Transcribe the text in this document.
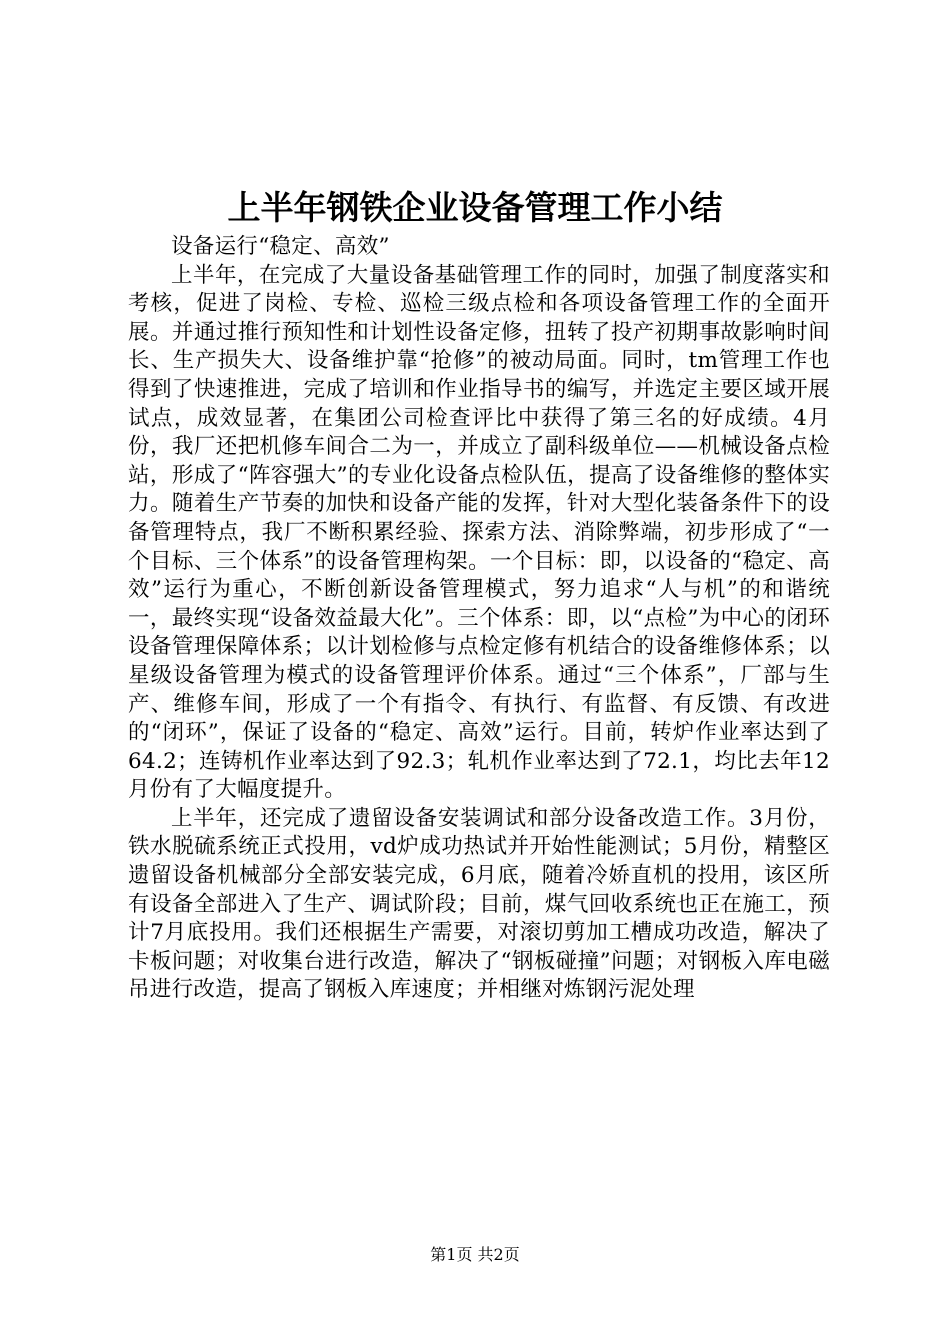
上半年钢铁企业设备管理工作小结

设备运行“稳定、高效”

上半年，在完成了大量设备基础管理工作的同时，加强了制度落实和考核，促进了岗检、专检、巡检三级点检和各项设备管理工作的全面开展。并通过推行预知性和计划性设备定修，扭转了投产初期事故影响时间长、生产损失大、设备维护靠“抢修”的被动局面。同时，tm管理工作也得到了快速推进，完成了培训和作业指导书的编写，并选定主要区域开展试点，成效显著，在集团公司检查评比中获得了第三名的好成绩。4月份，我厂还把机修车间合二为一，并成立了副科级单位——机械设备点检站，形成了“阵容强大”的专业化设备点检队伍，提高了设备维修的整体实力。随着生产节奏的加快和设备产能的发挥，针对大型化装备条件下的设备管理特点，我厂不断积累经验、探索方法、消除弊端，初步形成了“一个目标、三个体系”的设备管理构架。一个目标：即，以设备的“稳定、高效”运行为重心，不断创新设备管理模式，努力追求“人与机”的和谐统一，最终实现“设备效益最大化”。三个体系：即，以“点检”为中心的闭环设备管理保障体系；以计划检修与点检定修有机结合的设备维修体系；以星级设备管理为模式的设备管理评价体系。通过“三个体系”，厂部与生产、维修车间，形成了一个有指令、有执行、有监督、有反馈、有改进的“闭环”，保证了设备的“稳定、高效”运行。目前，转炉作业率达到了64.2；连铸机作业率达到了92.3；轧机作业率达到了72.1，均比去年12月份有了大幅度提升。

上半年，还完成了遗留设备安装调试和部分设备改造工作。3月份，铁水脱硫系统正式投用，vd炉成功热试并开始性能测试；5月份，精整区遗留设备机械部分全部安装完成，6月底，随着冷娇直机的投用，该区所有设备全部进入了生产、调试阶段；目前，煤气回收系统也正在施工，预计7月底投用。我们还根据生产需要，对滚切剪加工槽成功改造，解决了卡板问题；对收集台进行改造，解决了“钢板碰撞”问题；对钢板入库电磁吊进行改造，提高了钢板入库速度；并相继对炼钢污泥处理

第1页 共2页
